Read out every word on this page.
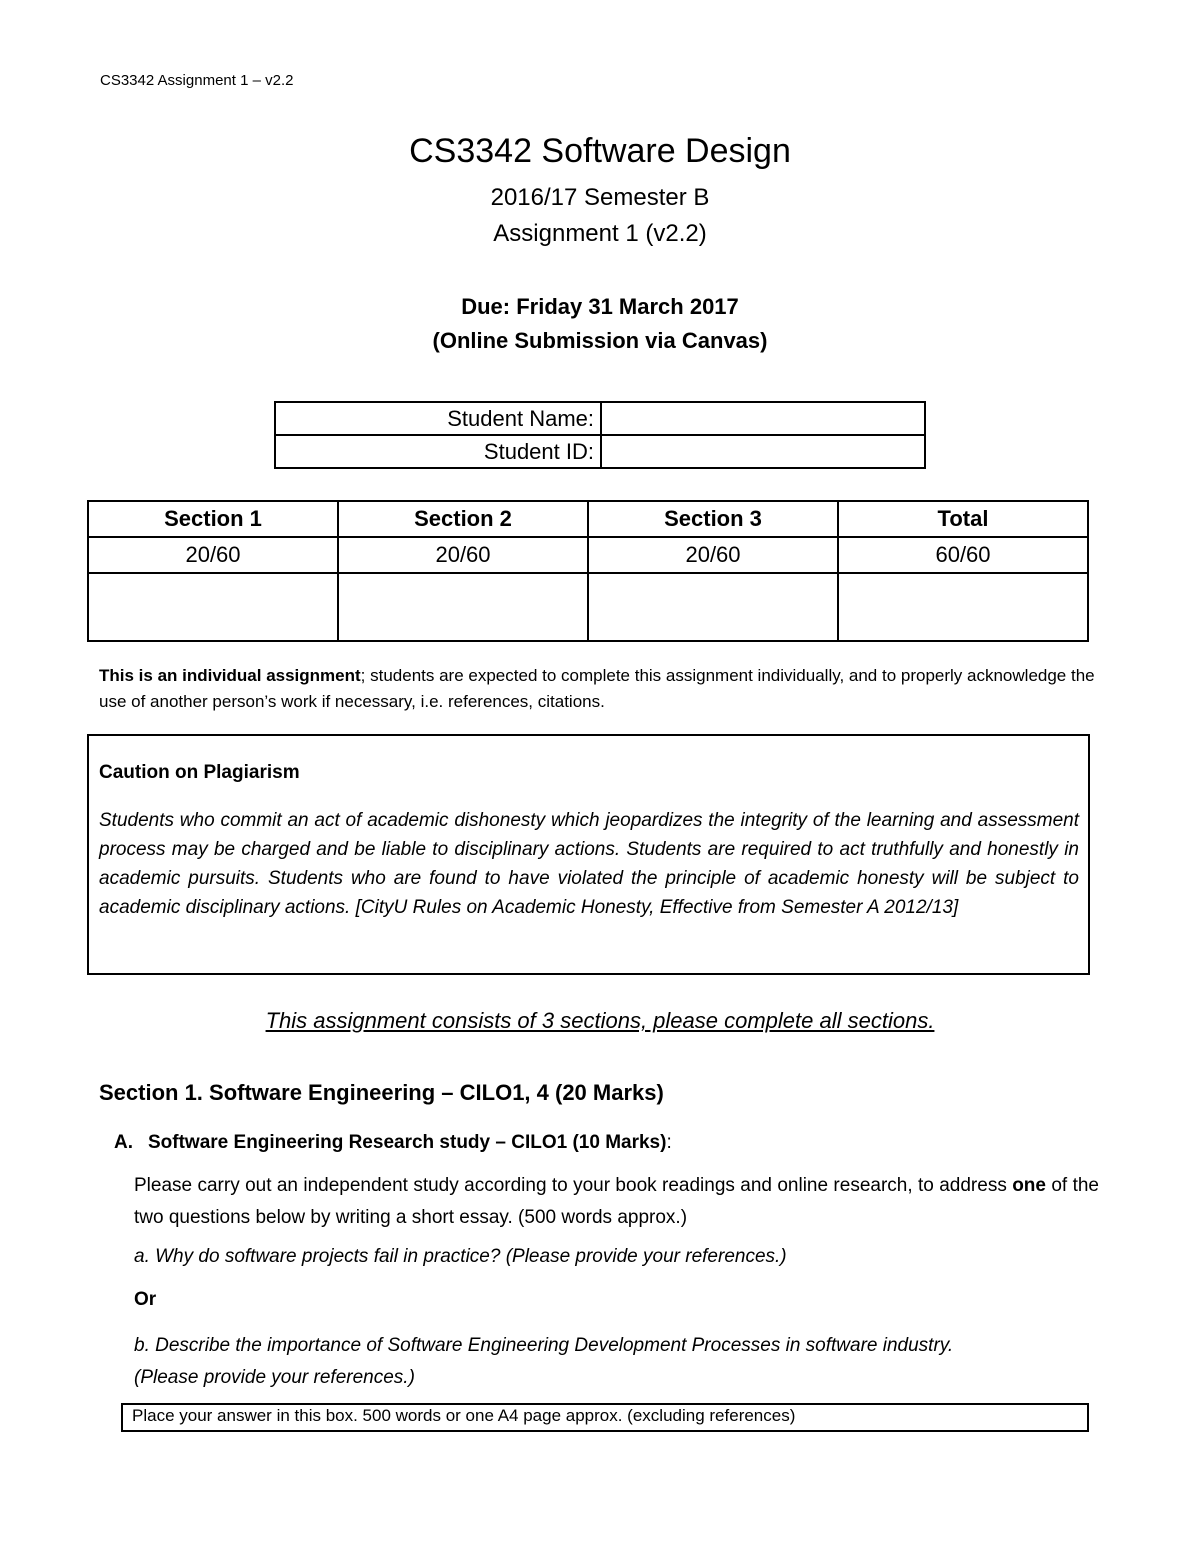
CS3342 Assignment 1 – v2.2
CS3342 Software Design
2016/17 Semester B
Assignment 1 (v2.2)
Due: Friday 31 March 2017
(Online Submission via Canvas)
Student Name:	
Student ID:	
Section 1	Section 2	Section 3	Total
20/60	20/60	20/60	60/60

This is an individual assignment; students are expected to complete this assignment individually, and to properly acknowledge the use of another person’s work if necessary, i.e. references, citations.
Caution on Plagiarism
Students who commit an act of academic dishonesty which jeopardizes the integrity of the learning and assessment process may be charged and be liable to disciplinary actions. Students are required to act truthfully and honestly in academic pursuits. Students who are found to have violated the principle of academic honesty will be subject to academic disciplinary actions. [CityU Rules on Academic Honesty, Effective from Semester A 2012/13]
This assignment consists of 3 sections, please complete all sections.
Section 1. Software Engineering – CILO1, 4 (20 Marks)
A. Software Engineering Research study – CILO1 (10 Marks):
Please carry out an independent study according to your book readings and online research, to address one of the two questions below by writing a short essay. (500 words approx.)
a. Why do software projects fail in practice? (Please provide your references.)
Or
b. Describe the importance of Software Engineering Development Processes in software industry.
(Please provide your references.)
Place your answer in this box. 500 words or one A4 page approx. (excluding references)
